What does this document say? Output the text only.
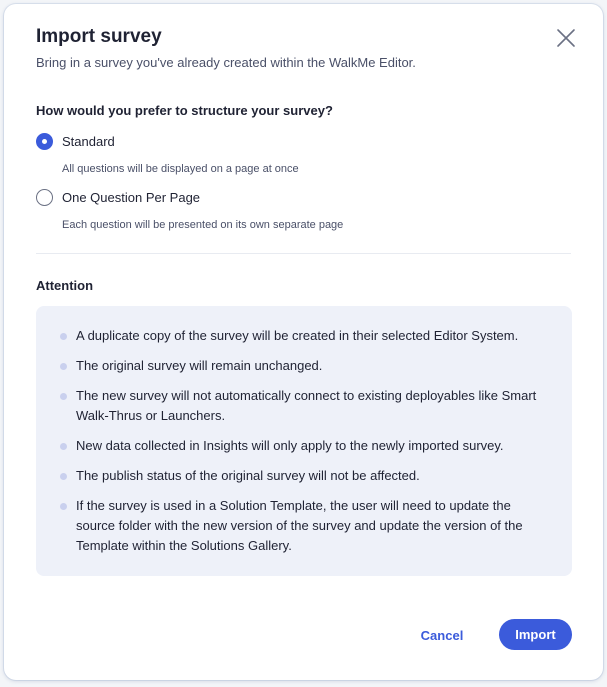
Import survey
Bring in a survey you've already created within the WalkMe Editor.
How would you prefer to structure your survey?
Standard
All questions will be displayed on a page at once
One Question Per Page
Each question will be presented on its own separate page
Attention
A duplicate copy of the survey will be created in their selected Editor System.
The original survey will remain unchanged.
The new survey will not automatically connect to existing deployables like Smart Walk-Thrus or Launchers.
New data collected in Insights will only apply to the newly imported survey.
The publish status of the original survey will not be affected.
If the survey is used in a Solution Template, the user will need to update the source folder with the new version of the survey and update the version of the Template within the Solutions Gallery.
Cancel	Import
